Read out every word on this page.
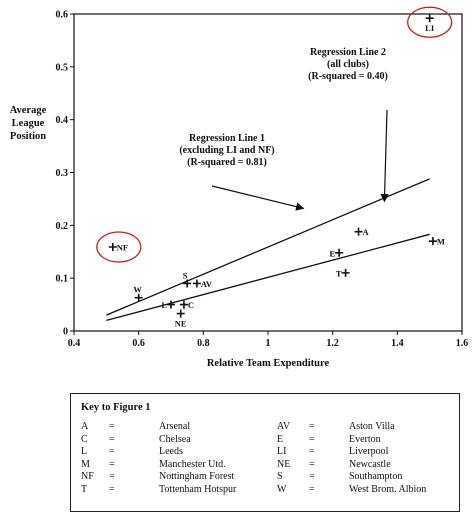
0.4	0.6	0.8	1	1.2	1.4	1.6
0
0.1
0.2
0.3
0.4
0.5
0.6
NF
W
S
AV
L C
NE
A
E
T
M
LI
Regression Line 2 (all clubs) (R-squared = 0.40)
Regression Line 1 (excluding LI and NF) (R-squared = 0.81)
Average League Position
Relative Team Expenditure
Key to Figure 1
A	=	Arsenal	AV	=	Aston Villa
C	=	Chelsea	E	=	Everton
L	=	Leeds	LI	=	Liverpool
M	=	Manchester Utd.	NE	=	Newcastle
NF	=	Nottingham Forest	S	=	Southampton
T	=	Tottenham Hotspur	W	=	West Brom. Albion
